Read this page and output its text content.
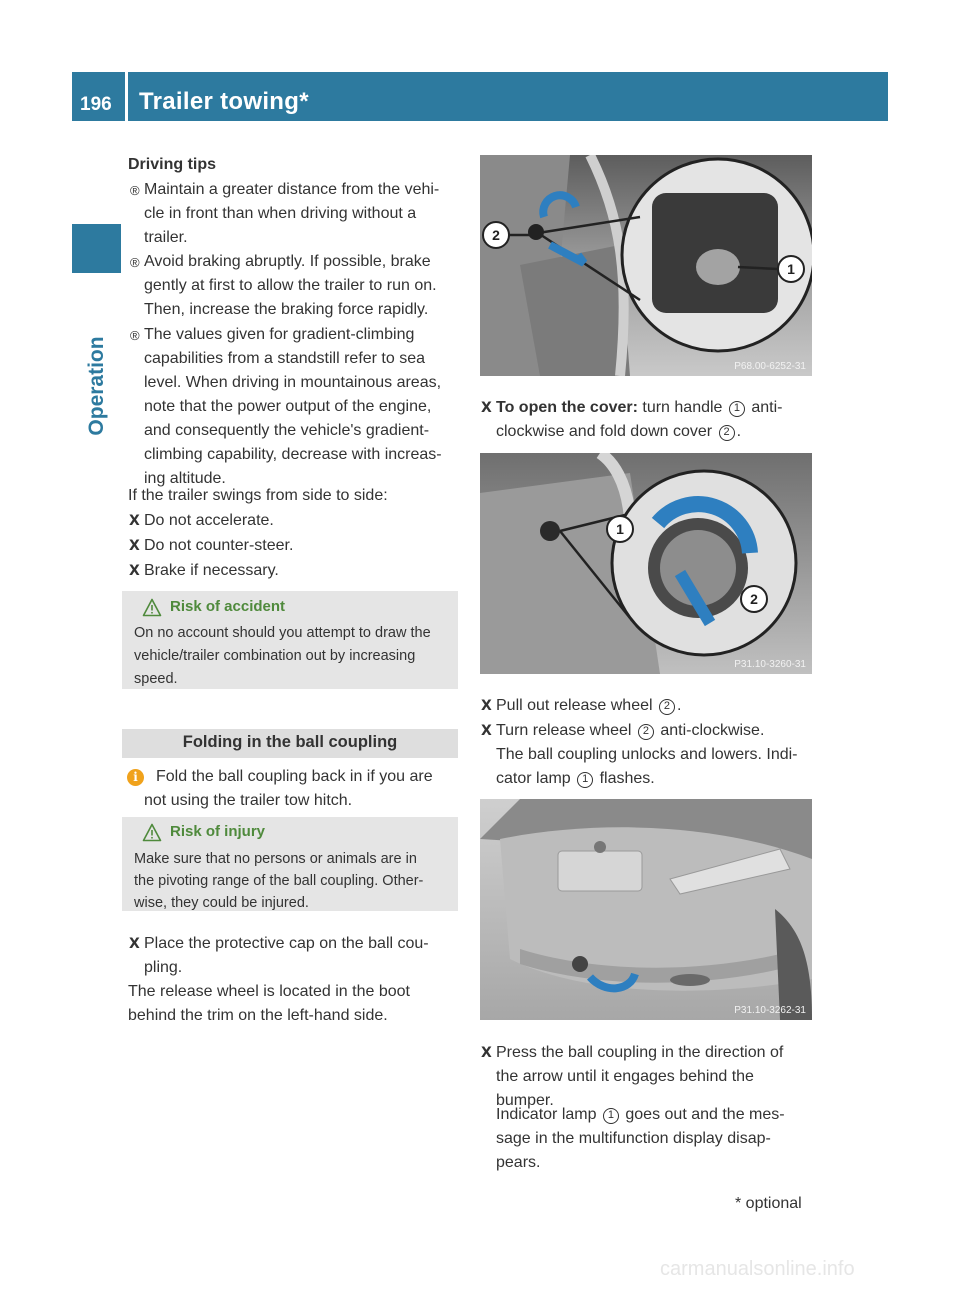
196 Trailer towing*
Operation
Driving tips
® Maintain a greater distance from the vehi-
cle in front than when driving without a
trailer.
® Avoid braking abruptly. If possible, brake
gently at first to allow the trailer to run on.
Then, increase the braking force rapidly.
® The values given for gradient-climbing
capabilities from a standstill refer to sea
level. When driving in mountainous areas,
note that the power output of the engine,
and consequently the vehicle's gradient-
climbing capability, decrease with increas-
ing altitude.
If the trailer swings from side to side:
X Do not accelerate.
X Do not counter-steer.
X Brake if necessary.
Risk of accident
On no account should you attempt to draw the
vehicle/trailer combination out by increasing
speed.
Folding in the ball coupling
i	Fold the ball coupling back in if you are
not using the trailer tow hitch.
Risk of injury
Make sure that no persons or animals are in
the pivoting range of the ball coupling. Other-
wise, they could be injured.
X Place the protective cap on the ball cou-
pling.
The release wheel is located in the boot
behind the trim on the left-hand side.
1
2
P68.00-6252-31
X To open the cover: turn handle 1 anti-
clockwise and fold down cover 2 .
1
2
P31.10-3260-31
X Pull out release wheel 2 .
X Turn release wheel 2 anti-clockwise.
The ball coupling unlocks and lowers. Indi-
cator lamp 1 flashes.
P31.10-3262-31
X Press the ball coupling in the direction of
the arrow until it engages behind the
bumper.
Indicator lamp 1 goes out and the mes-
sage in the multifunction display disap-
pears.
* optional
carmanualsonline.info
